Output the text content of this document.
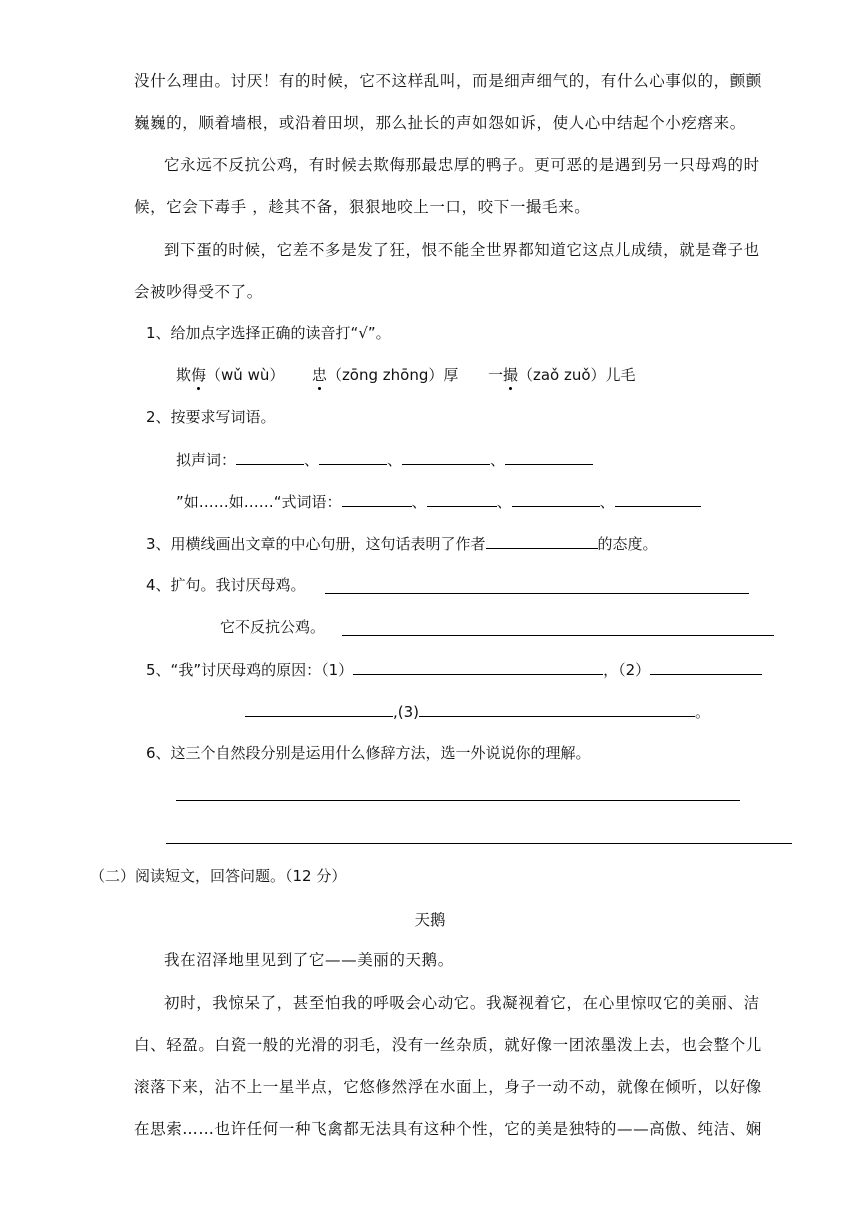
没什么理由。讨厌！有的时候，它不这样乱叫，而是细声细气的，有什么心事似的，颤颤
巍巍的，顺着墙根，或沿着田坝，那么扯长的声如怨如诉，使人心中结起个小疙瘩来。
它永远不反抗公鸡，有时候去欺侮那最忠厚的鸭子。更可恶的是遇到另一只母鸡的时
候，它会下毒手 ，趁其不备，狠狠地咬上一口，咬下一撮毛来。
到下蛋的时候，它差不多是发了狂，恨不能全世界都知道它这点儿成绩，就是聋子也
会被吵得受不了。
1、给加点字选择正确的读音打“√”。
欺侮（wǔ wù） 忠（zōng zhōng）厚 一撮（zaǒ zuǒ）儿毛
2、按要求写词语。
拟声词：	、	、	、
”如……如……“式词语：	、	、	、
3、用横线画出文章的中心句册，这句话表明了作者	的态度。
4、扩句。我讨厌母鸡。
它不反抗公鸡。
5、“我”讨厌母鸡的原因：（1）	，（2）
,(3)	。
6、这三个自然段分别是运用什么修辞方法，选一外说说你的理解。
（二）阅读短文，回答问题。（12 分）
天鹅
我在沼泽地里见到了它——美丽的天鹅。
初时，我惊呆了，甚至怕我的呼吸会心动它。我凝视着它，在心里惊叹它的美丽、洁
白、轻盈。白瓷一般的光滑的羽毛，没有一丝杂质，就好像一团浓墨泼上去，也会整个儿
滚落下来，沾不上一星半点，它悠修然浮在水面上，身子一动不动，就像在倾听，以好像
在思索……也许任何一种飞禽都无法具有这种个性，它的美是独特的——高傲、纯洁、娴
